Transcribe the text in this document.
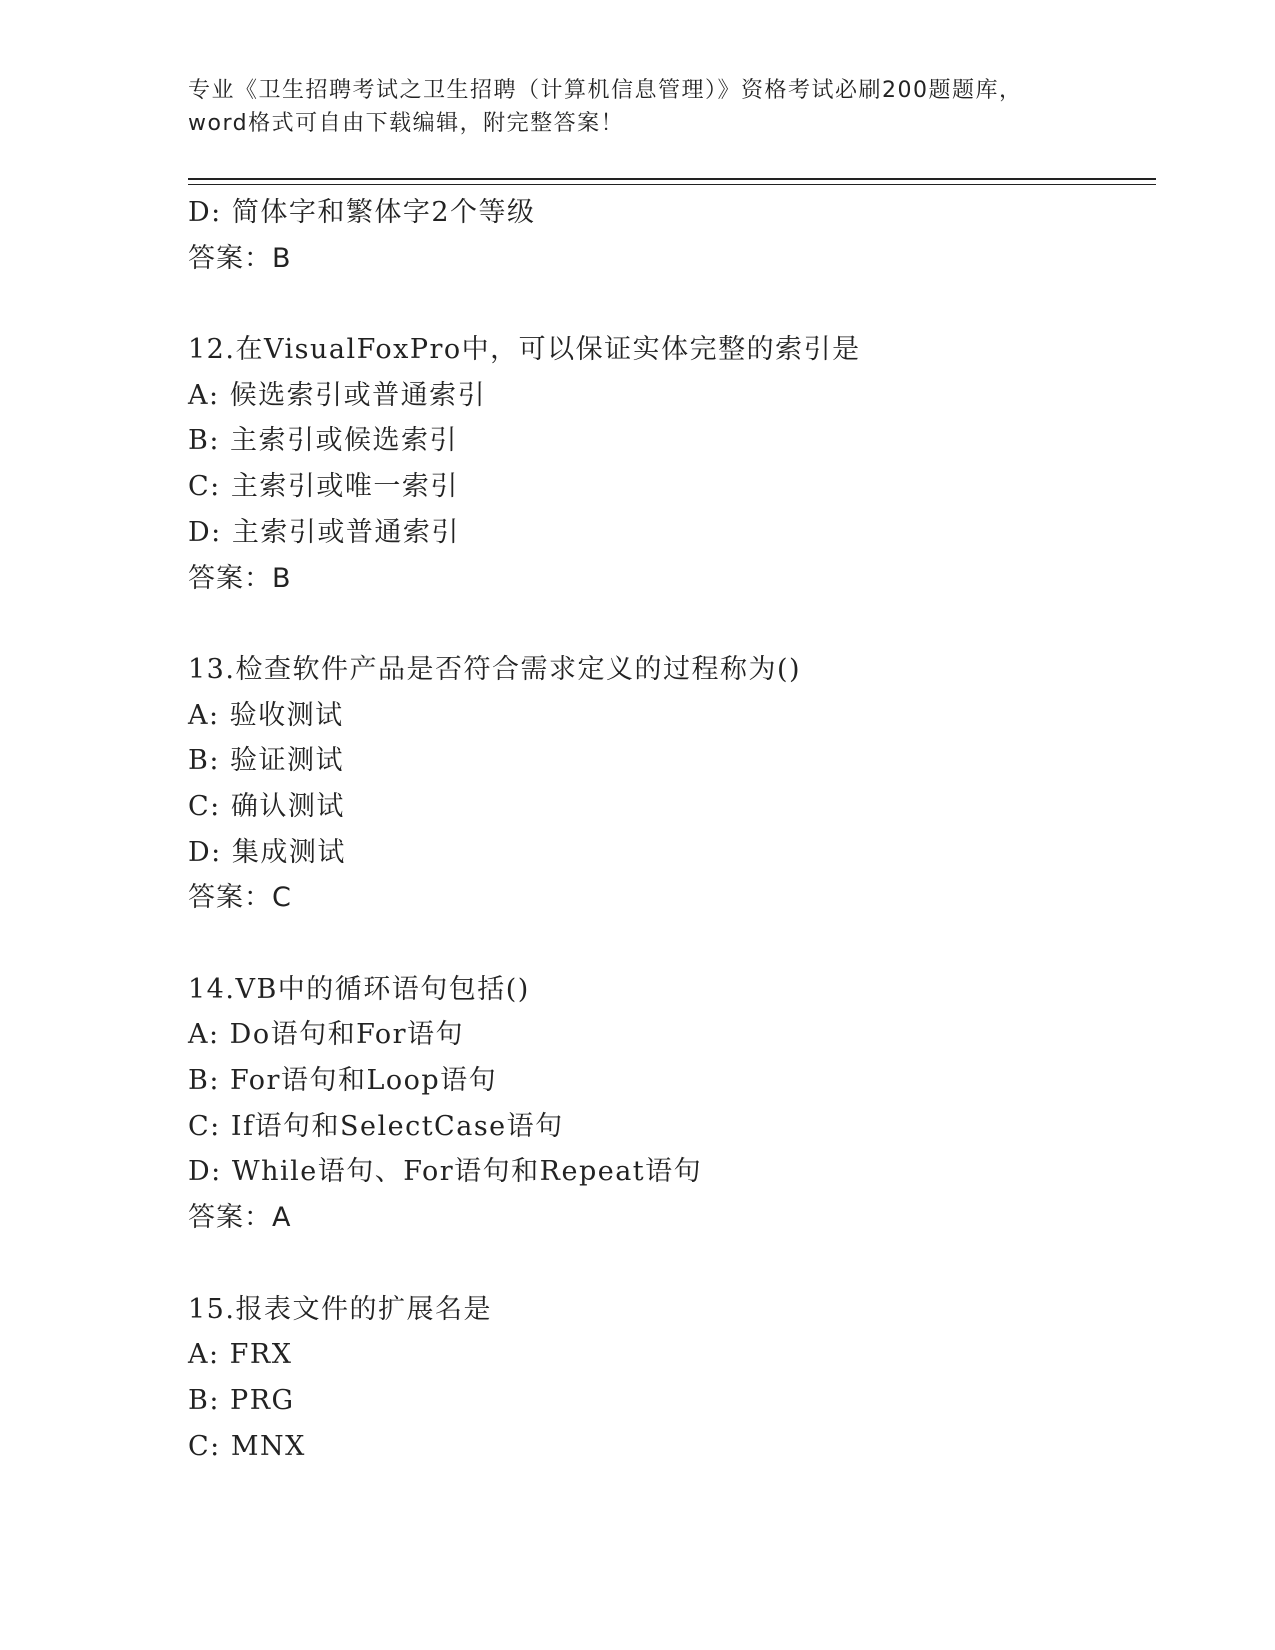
专业《卫生招聘考试之卫生招聘（计算机信息管理）》资格考试必刷200题题库，
word格式可自由下载编辑，附完整答案！
D: 简体字和繁体字2个等级
答案：B
12.在VisualFoxPro中，可以保证实体完整的索引是
A: 候选索引或普通索引
B: 主索引或候选索引
C: 主索引或唯一索引
D: 主索引或普通索引
答案：B
13.检查软件产品是否符合需求定义的过程称为()
A: 验收测试
B: 验证测试
C: 确认测试
D: 集成测试
答案：C
14.VB中的循环语句包括()
A: Do语句和For语句
B: For语句和Loop语句
C: If语句和SelectCase语句
D: While语句、For语句和Repeat语句
答案：A
15.报表文件的扩展名是
A: FRX
B: PRG
C: MNX
